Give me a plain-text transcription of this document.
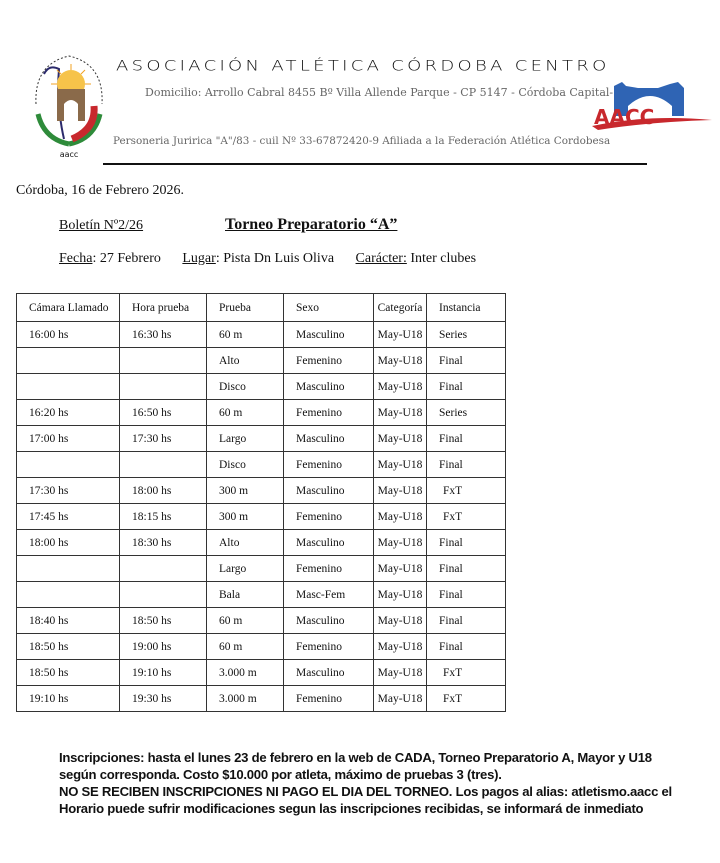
aacc
ASOCIACIÓN ATLÉTICA CÓRDOBA CENTRO
Domicilio: Arrollo Cabral 8455 Bº Villa Allende Parque - CP 5147 - Córdoba Capital-
Personeria Juririca "A"/83 - cuil Nº 33-67872420-9 Afiliada a la Federación Atlética Cordobesa
AACC
Córdoba, 16 de Febrero 2026.
Boletín Nº2/26	Torneo Preparatorio “A”
Fecha: 27 Febrero Lugar: Pista Dn Luis Oliva Carácter: Inter clubes
Cámara Llamado	Hora prueba	Prueba	Sexo	Categoría	Instancia
16:00 hs	16:30 hs	60 m	Masculino	May-U18	Series
		Alto	Femenino	May-U18	Final
		Disco	Masculino	May-U18	Final
16:20 hs	16:50 hs	60 m	Femenino	May-U18	Series
17:00 hs	17:30 hs	Largo	Masculino	May-U18	Final
		Disco	Femenino	May-U18	Final
17:30 hs	18:00 hs	300 m	Masculino	May-U18	FxT
17:45 hs	18:15 hs	300 m	Femenino	May-U18	FxT
18:00 hs	18:30 hs	Alto	Masculino	May-U18	Final
		Largo	Femenino	May-U18	Final
		Bala	Masc-Fem	May-U18	Final
18:40 hs	18:50 hs	60 m	Masculino	May-U18	Final
18:50 hs	19:00 hs	60 m	Femenino	May-U18	Final
18:50 hs	19:10 hs	3.000 m	Masculino	May-U18	FxT
19:10 hs	19:30 hs	3.000 m	Femenino	May-U18	FxT
Inscripciones: hasta el lunes 23 de febrero en la web de CADA, Torneo Preparatorio A, Mayor y U18
según corresponda. Costo $10.000 por atleta, máximo de pruebas 3 (tres).
NO SE RECIBEN INSCRIPCIONES NI PAGO EL DIA DEL TORNEO. Los pagos al alias: atletismo.aacc el
Horario puede sufrir modificaciones segun las inscripciones recibidas, se informará de inmediato
